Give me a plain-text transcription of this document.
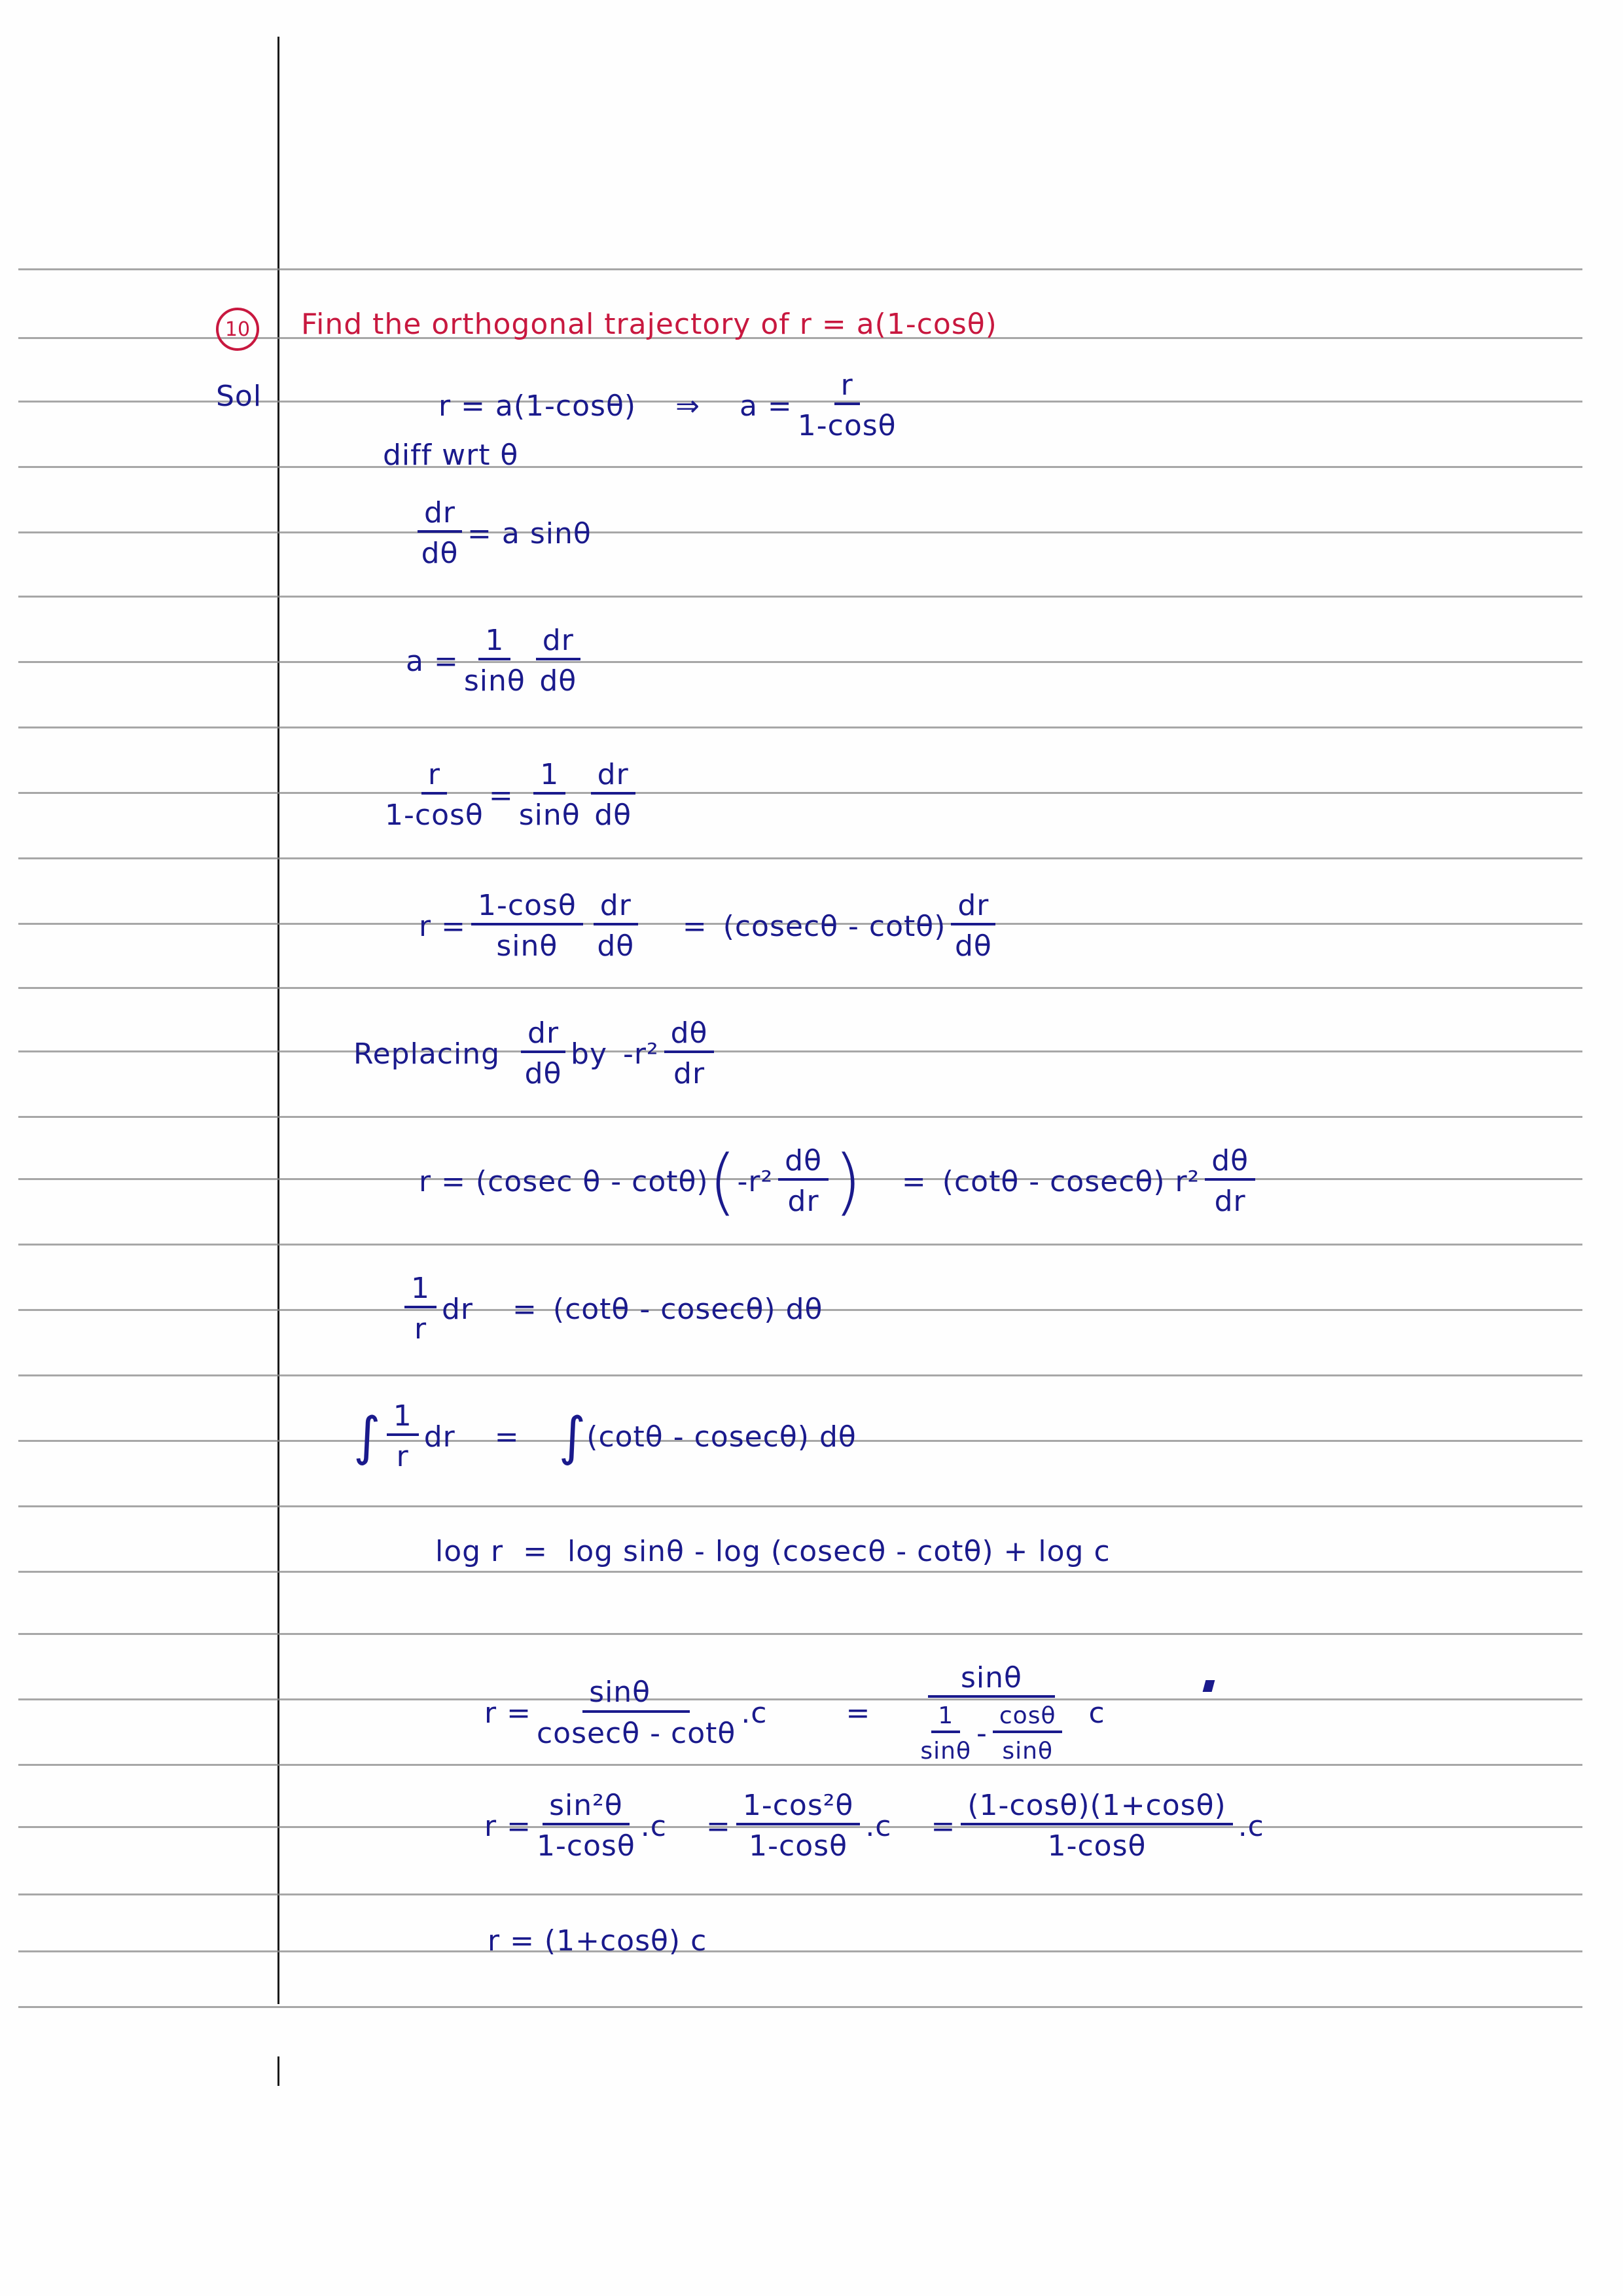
10 Find the orthogonal trajectory of r = a(1-cosθ)
Sol	r = a(1-cosθ) ⇒ $a = \frac{r}{1-\cos\theta}$
diff wrt θ
$\frac{dr}{d\theta} = a$ sinθ
$a = \frac{1}{\sin\theta} \frac{dr}{d\theta}$
$\frac{r}{1-\cos\theta} = \frac{1}{\sin\theta} \frac{dr}{d\theta}$
$r = \frac{1-\cos\theta}{\sin\theta} \frac{dr}{d\theta} = (cosec\theta - \cot\theta) \frac{dr}{d\theta}$
Replacing $\frac{dr}{d\theta}$ by $-r^2 \frac{d\theta}{dr}$
r = (cosec θ - cotθ) ( $-r^2 \frac{d\theta}{dr}$ ) = (cotθ - cosecθ) $r^2 \frac{d\theta}{dr}$
$\frac{1}{r}$ dr = (cotθ - cosecθ) dθ
∫ $\frac{1}{r}$ dr = ∫ (cotθ - cosecθ) dθ
log r  =  log sinθ - log (cosecθ - cotθ) + log c
$r = \frac{\sin\theta}{cosec\theta - \cot\theta} .c$	=
sinθ
$\frac{1}{\sin\theta} - \frac{\cos\theta}{\sin\theta}$ c
$r = \frac{\text{sin²θ}}{1-\cos\theta} .c = \frac{\text{1-cos²θ}}{1-\cos\theta} .c = \frac{(1-\cos\theta)(1+\cos\theta)}{1-\cos\theta} .c$
r = (1+cosθ) c
